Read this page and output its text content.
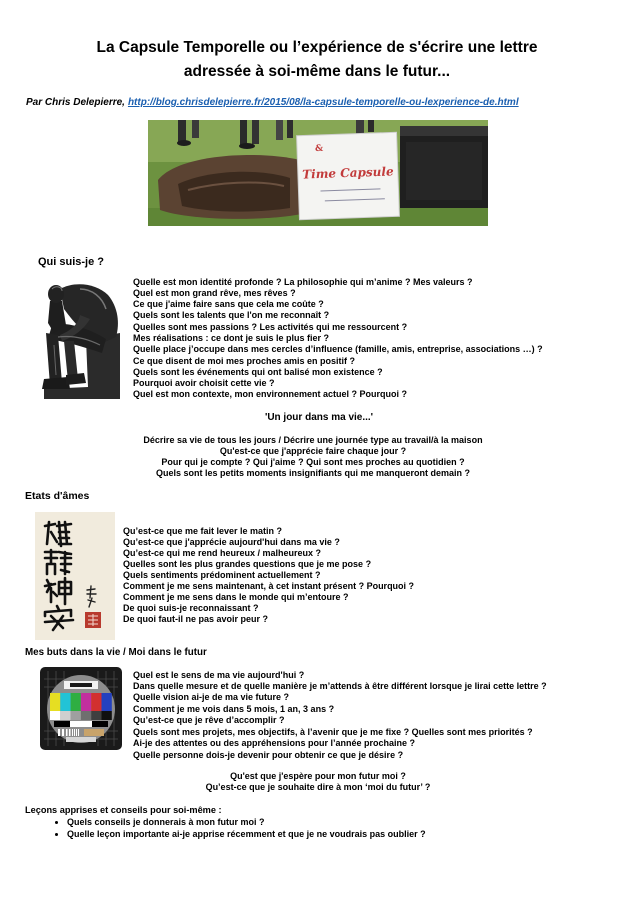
La Capsule Temporelle ou l’expérience de s'écrire une lettre
adressée à soi-même dans le futur...
Par Chris Delepierre, http://blog.chrisdelepierre.fr/2015/08/la-capsule-temporelle-ou-lexperience-de.html
&
Time Capsule
Qui suis-je ?
Quelle est mon identité profonde ? La philosophie qui m’anime ? Mes valeurs ?
Quel est mon grand rêve, mes rêves ?
Ce que j'aime faire sans que cela me coûte ?
Quels sont les talents que l'on me reconnaît ?
Quelles sont mes passions ? Les activités qui me ressourcent ?
Mes réalisations : ce dont je suis le plus fier ?
Quelle place j’occupe dans mes cercles d’influence (famille, amis, entreprise, associations …) ?
Ce que disent de moi mes proches amis en positif ?
Quels sont les événements qui ont balisé mon existence ?
Pourquoi avoir choisit cette vie ?
Quel est mon contexte, mon environnement actuel ? Pourquoi ?
'Un jour dans ma vie...'
Décrire sa vie de tous les jours / Décrire une journée type au travail/à la maison
Qu'est-ce que j'apprécie faire chaque jour ?
Pour qui je compte ? Qui j'aime ? Qui sont mes proches au quotidien ?
Quels sont les petits moments insignifiants qui me manqueront demain ?
Etats d'âmes
Qu’est-ce que me fait lever le matin ?
Qu’est-ce que j'apprécie aujourd'hui dans ma vie ?
Qu’est-ce qui me rend heureux / malheureux ?
Quelles sont les plus grandes questions que je me pose ?
Quels sentiments prédominent actuellement ?
Comment je me sens maintenant, à cet instant présent ? Pourquoi ?
Comment je me sens dans le monde qui m’entoure ?
De quoi suis-je reconnaissant ?
De quoi faut-il ne pas avoir peur ?
Mes buts dans la vie / Moi dans le futur
Quel est le sens de ma vie aujourd'hui ?
Dans quelle mesure et de quelle manière je m’attends à être différent lorsque je lirai cette lettre ?
Quelle vision ai-je de ma vie future ?
Comment je me vois dans 5 mois, 1 an, 3 ans ?
Qu’est-ce que je rêve d’accomplir ?
Quels sont mes projets, mes objectifs, à l’avenir que je me fixe ? Quelles sont mes priorités ?
Ai-je des attentes ou des appréhensions pour l’année prochaine ?
Quelle personne dois-je devenir pour obtenir ce que je désire ?
Qu'est que j'espère pour mon futur moi ?
Qu’est-ce que je souhaite dire à mon ‘moi du futur’ ?
Leçons apprises et conseils pour soi-même :
• Quels conseils je donnerais à mon futur moi ?
• Quelle leçon importante ai-je apprise récemment et que je ne voudrais pas oublier ?
